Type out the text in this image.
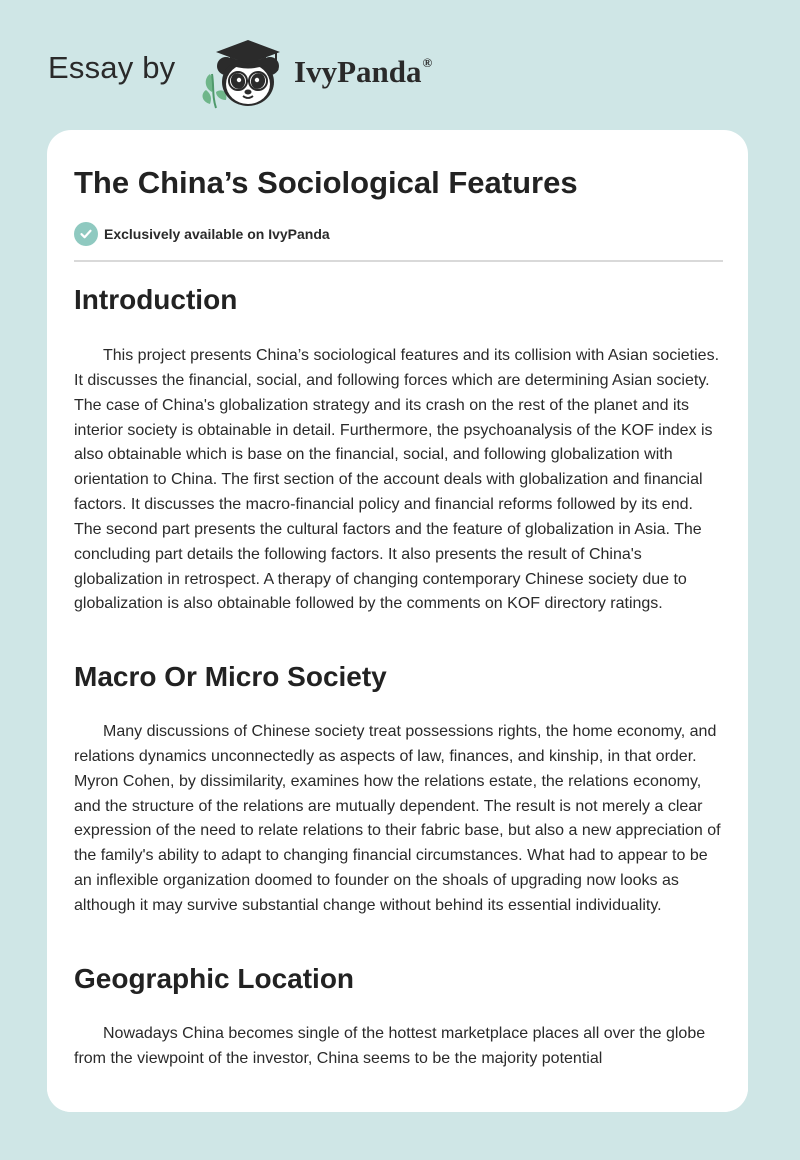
Essay by	IvyPanda®
The China’s Sociological Features
Exclusively available on IvyPanda
Introduction

This project presents China’s sociological features and its collision with Asian societies. It discusses the financial, social, and following forces which are determining Asian society. The case of China's globalization strategy and its crash on the rest of the planet and its interior society is obtainable in detail. Furthermore, the psychoanalysis of the KOF index is also obtainable which is base on the financial, social, and following globalization with orientation to China. The first section of the account deals with globalization and financial factors. It discusses the macro-financial policy and financial reforms followed by its end. The second part presents the cultural factors and the feature of globalization in Asia. The concluding part details the following factors. It also presents the result of China's globalization in retrospect. A therapy of changing contemporary Chinese society due to globalization is also obtainable followed by the comments on KOF directory ratings.

Macro Or Micro Society

Many discussions of Chinese society treat possessions rights, the home economy, and relations dynamics unconnectedly as aspects of law, finances, and kinship, in that order. Myron Cohen, by dissimilarity, examines how the relations estate, the relations economy, and the structure of the relations are mutually dependent. The result is not merely a clear expression of the need to relate relations to their fabric base, but also a new appreciation of the family's ability to adapt to changing financial circumstances. What had to appear to be an inflexible organization doomed to founder on the shoals of upgrading now looks as although it may survive substantial change without behind its essential individuality.

Geographic Location

Nowadays China becomes single of the hottest marketplace places all over the globe from the viewpoint of the investor, China seems to be the majority potential
